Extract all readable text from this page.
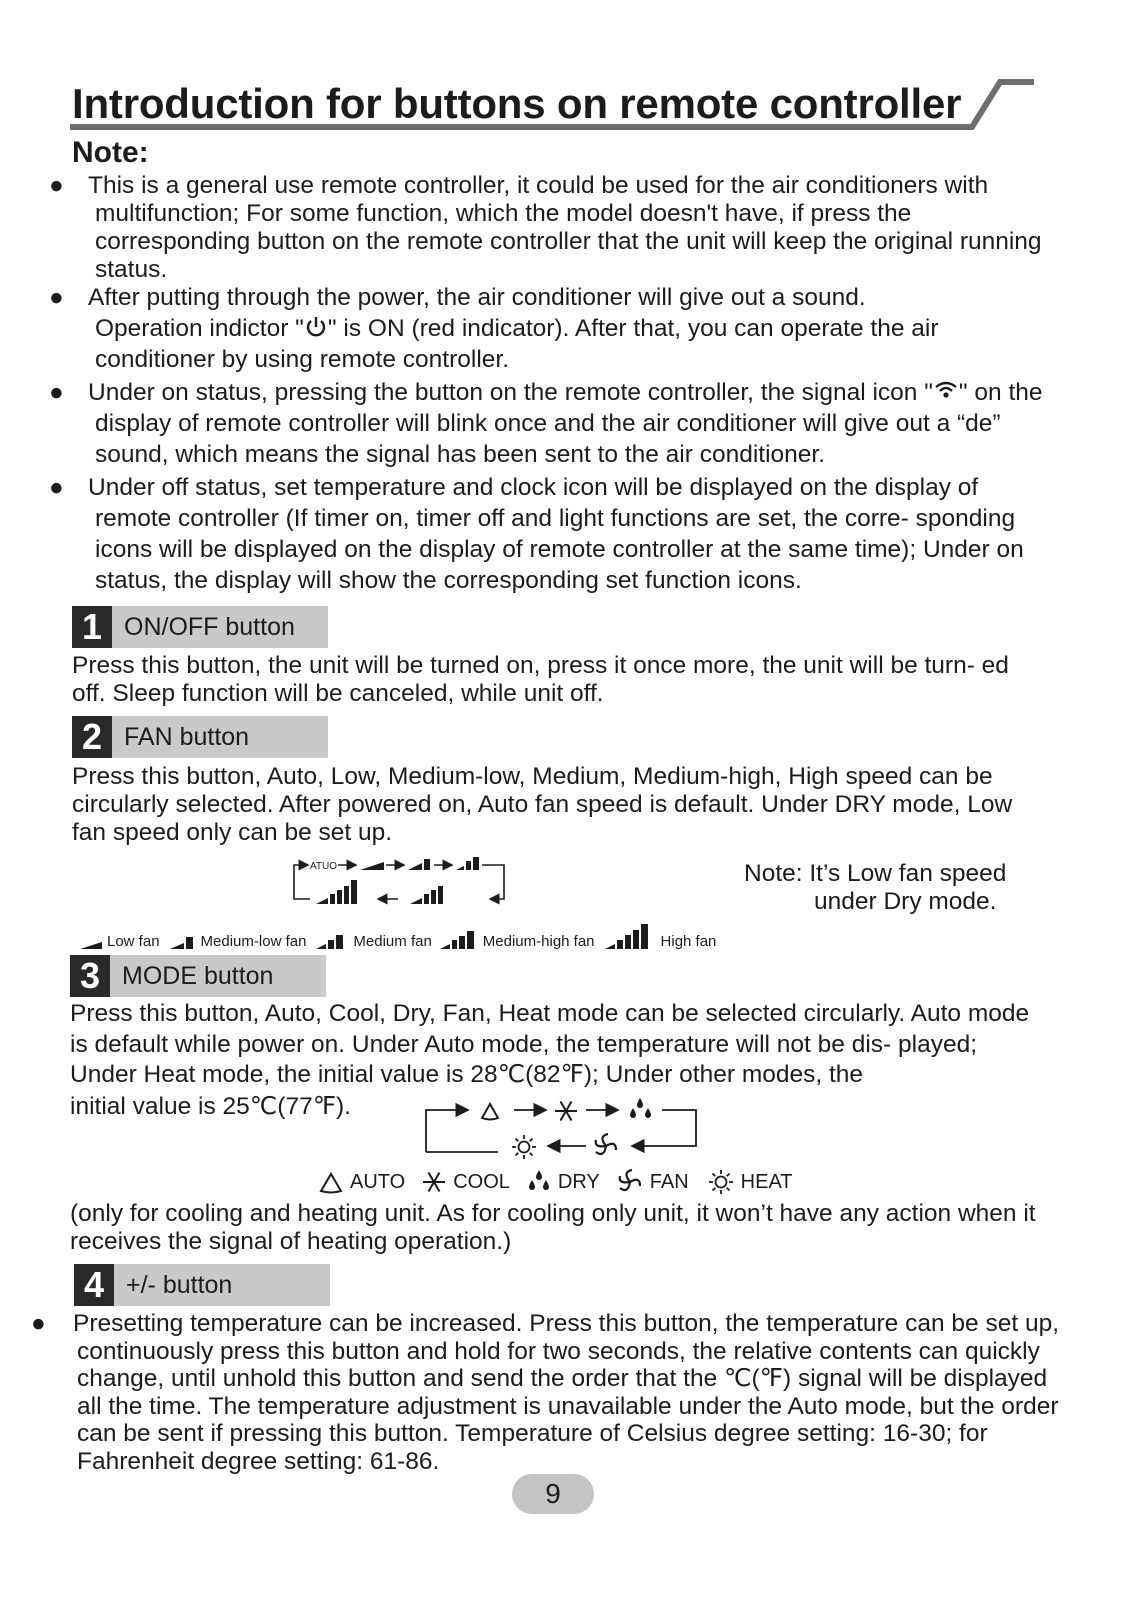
Introduction for buttons on remote controller
Note:
● This is a general use remote controller, it could be used for the air conditioners with multifunction; For some function, which the model doesn't have, if press the corresponding button on the remote controller that the unit will keep the original running status.
● After putting through the power, the air conditioner will give out a sound.
Operation indictor " " is ON (red indicator). After that, you can operate the air conditioner by using remote controller.
● Under on status, pressing the button on the remote controller, the signal icon " " on the display of remote controller will blink once and the air conditioner will give out a “de” sound, which means the signal has been sent to the air conditioner.
● Under off status, set temperature and clock icon will be displayed on the display of remote controller (If timer on, timer off and light functions are set, the corre- sponding icons will be displayed on the display of remote controller at the same time); Under on status, the display will show the corresponding set function icons.
1 ON/OFF button
Press this button, the unit will be turned on, press it once more, the unit will be turn- ed off. Sleep function will be canceled, while unit off.
2 FAN button
Press this button, Auto, Low, Medium-low, Medium, Medium-high, High speed can be circularly selected. After powered on, Auto fan speed is default. Under DRY mode, Low fan speed only can be set up.
ATUO	Note: It’s Low fan speed
under Dry mode.
Low fan	Medium-low fan	Medium fan	Medium-high fan	High fan
3 MODE button
Press this button, Auto, Cool, Dry, Fan, Heat mode can be selected circularly. Auto mode is default while power on. Under Auto mode, the temperature will not be dis- played; Under Heat mode, the initial value is 28℃(82℉); Under other modes, the
initial value is 25℃(77℉).
AUTO COOL DRY	FAN	HEAT
(only for cooling and heating unit. As for cooling only unit, it won’t have any action when it receives the signal of heating operation.)
4 +/- button
● Presetting temperature can be increased. Press this button, the temperature can be set up, continuously press this button and hold for two seconds, the relative contents can quickly change, until unhold this button and send the order that the ℃(℉) signal will be displayed all the time. The temperature adjustment is unavailable under the Auto mode, but the order can be sent if pressing this button. Temperature of Celsius degree setting: 16-30; for Fahrenheit degree setting: 61-86.
9
